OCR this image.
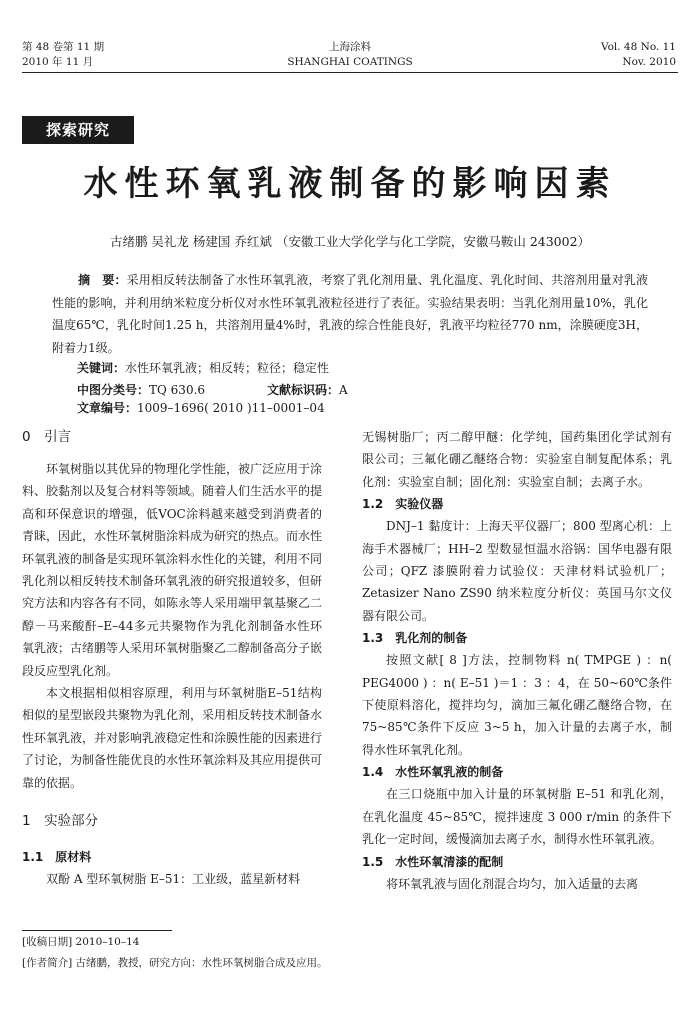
第 48 卷第 11 期
2010 年 11 月
上海涂料
SHANGHAI COATINGS
Vol. 48 No. 11
Nov. 2010
探索研究
水性环氧乳液制备的影响因素
古绪鹏 吴礼龙 杨建国 乔红斌 （安徽工业大学化学与化工学院，安徽马鞍山 243002）
摘　要：采用相反转法制备了水性环氧乳液，考察了乳化剂用量、乳化温度、乳化时间、共溶剂用量对乳液性能的影响，并利用纳米粒度分析仪对水性环氧乳液粒径进行了表征。实验结果表明：当乳化剂用量10%，乳化温度65℃，乳化时间1.25 h，共溶剂用量4%时，乳液的综合性能良好，乳液平均粒径770 nm，涂膜硬度3H，附着力1级。
关键词：水性环氧乳液；相反转；粒径；稳定性
中图分类号：TQ 630.6	文献标识码：A文章编号：1009–1696( 2010 )11–0001–04
0　引言

环氧树脂以其优异的物理化学性能，被广泛应用于涂料、胶黏剂以及复合材料等领域。随着人们生活水平的提高和环保意识的增强，低VOC涂料越来越受到消费者的青睐，因此，水性环氧树脂涂料成为研究的热点。而水性环氧乳液的制备是实现环氧涂料水性化的关键，利用不同乳化剂以相反转技术制备环氧乳液的研究报道较多，但研究方法和内容各有不同，如陈永等人采用端甲氧基聚乙二醇－马来酸酐–E–44多元共聚物作为乳化剂制备水性环氧乳液；古绪鹏等人采用环氧树脂聚乙二醇制备高分子嵌段反应型乳化剂。

本文根据相似相容原理，利用与环氧树脂E–51结构相似的星型嵌段共聚物为乳化剂，采用相反转技术制备水性环氧乳液，并对影响乳液稳定性和涂膜性能的因素进行了讨论，为制备性能优良的水性环氧涂料及其应用提供可靠的依据。

1　实验部分
1.1　原材料

双酚 A 型环氧树脂 E–51：工业级，蓝星新材料

无锡树脂厂；丙二醇甲醚：化学纯，国药集团化学试剂有限公司；三氟化硼乙醚络合物：实验室自制复配体系；乳化剂：实验室自制；固化剂：实验室自制；去离子水。

1.2　实验仪器

DNJ–1 黏度计：上海天平仪器厂；800 型离心机：上海手术器械厂；HH–2 型数显恒温水浴锅：国华电器有限公司；QFZ 漆膜附着力试验仪：天津材料试验机厂；Zetasizer Nano ZS90 纳米粒度分析仪：英国马尔文仪器有限公司。

1.3　乳化剂的制备

按照文献[ 8 ]方法，控制物料 n( TMPGE ) ：n( PEG4000 ) ：n( E–51 )＝1 ：3 ：4，在 50~60℃条件下使原料溶化，搅拌均匀，滴加三氟化硼乙醚络合物，在 75~85℃条件下反应 3~5 h，加入计量的去离子水，制得水性环氧乳化剂。

1.4　水性环氧乳液的制备

在三口烧瓶中加入计量的环氧树脂 E–51 和乳化剂，在乳化温度 45~85℃，搅拌速度 3 000 r/min 的条件下乳化一定时间，缓慢滴加去离子水，制得水性环氧乳液。

1.5　水性环氧清漆的配制

将环氧乳液与固化剂混合均匀，加入适量的去离

[收稿日期] 2010–10–14
[作者简介] 古绪鹏，教授，研究方向：水性环氧树脂合成及应用。
